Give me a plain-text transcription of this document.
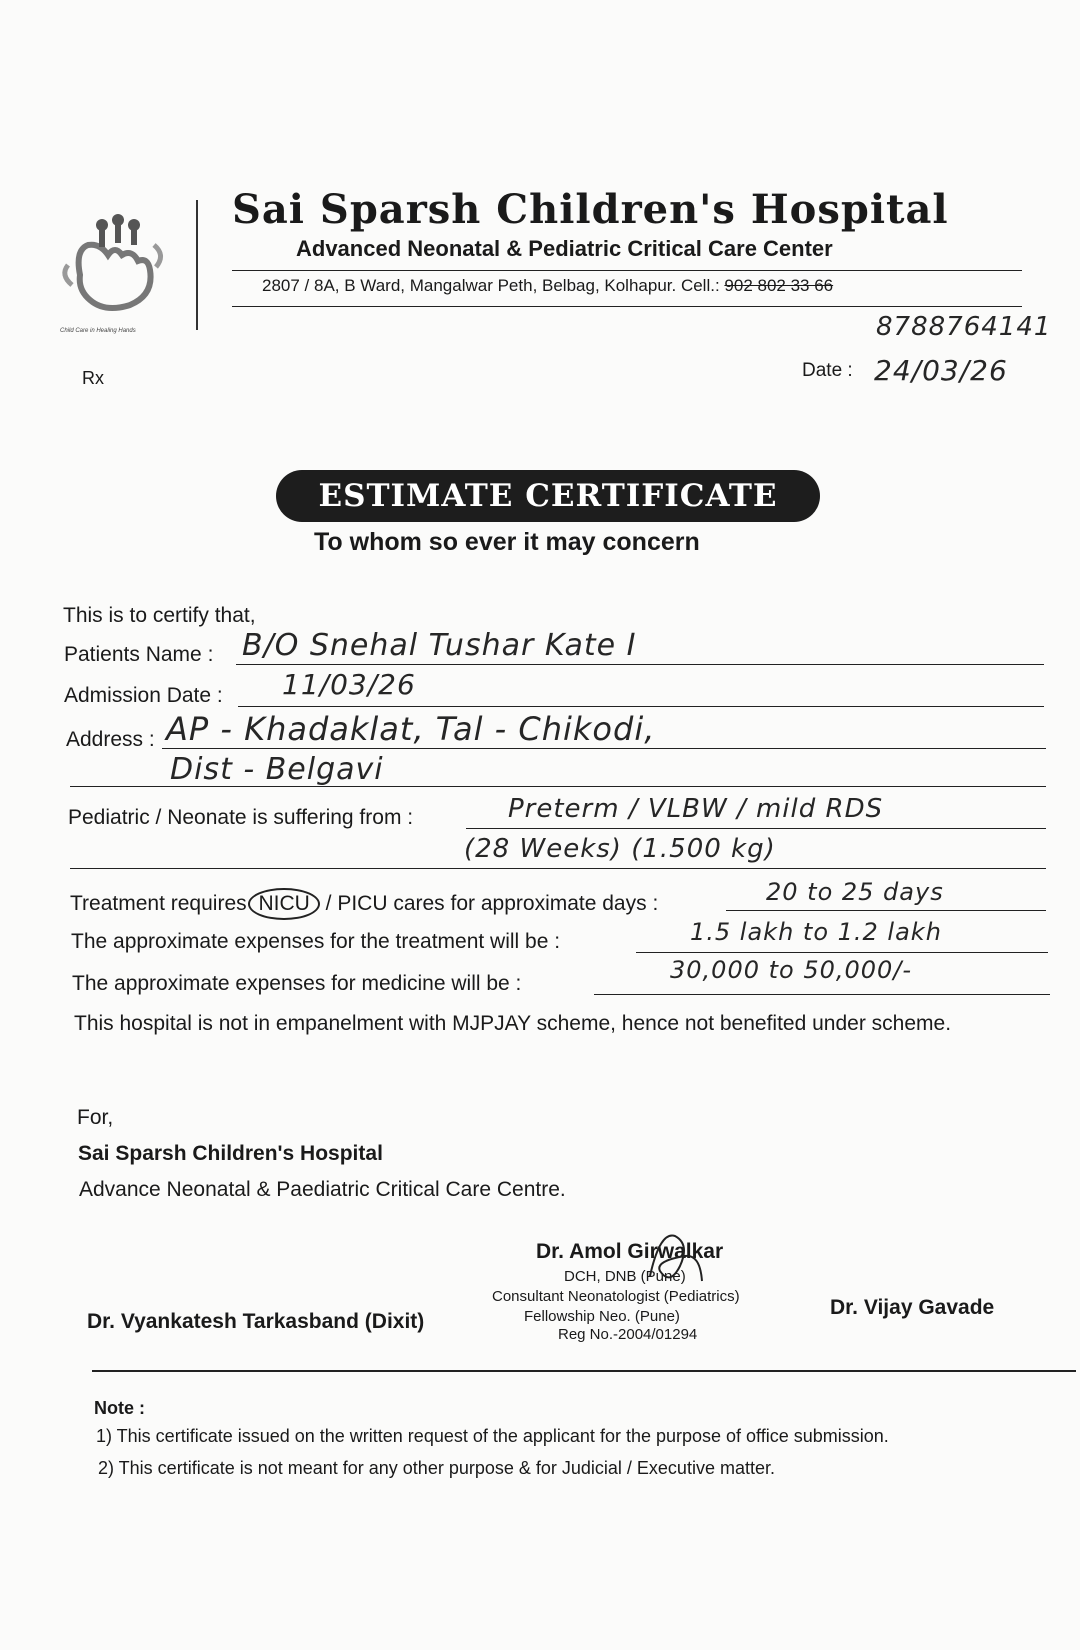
Child Care in Healing Hands
Rx
Sai Sparsh Children's Hospital
Advanced Neonatal & Pediatric Critical Care Center
2807 / 8A, B Ward, Mangalwar Peth, Belbag, Kolhapur. Cell.: 902 802 33 66
8788764141
Date : 24/03/26
ESTIMATE CERTIFICATE
To whom so ever it may concern
This is to certify that,
Patients Name : B/O Snehal Tushar Kate I
Admission Date : 11/03/26
Address : AP - Khadaklat, Tal - Chikodi,
Dist - Belgavi
Pediatric / Neonate is suffering from :	Preterm / VLBW / mild RDS
(28 Weeks) (1.500 kg)
Treatment requires NICU / PICU cares for approximate days :	20 to 25 days
The approximate expenses for the treatment will be :	1.5 lakh to 1.2 lakh
The approximate expenses for medicine will be :	30,000 to 50,000/-
This hospital is not in empanelment with MJPJAY scheme, hence not benefited under scheme.
For,
Sai Sparsh Children's Hospital
Advance Neonatal & Paediatric Critical Care Centre.
Dr. Vyankatesh Tarkasband (Dixit)
Dr. Amol Girwalkar
DCH, DNB (Pune)
Consultant Neonatologist (Pediatrics)
Fellowship Neo. (Pune)
Reg No.-2004/01294
Dr. Vijay Gavade
Note :
1) This certificate issued on the written request of the applicant for the purpose of office submission.
2) This certificate is not meant for any other purpose & for Judicial / Executive matter.
